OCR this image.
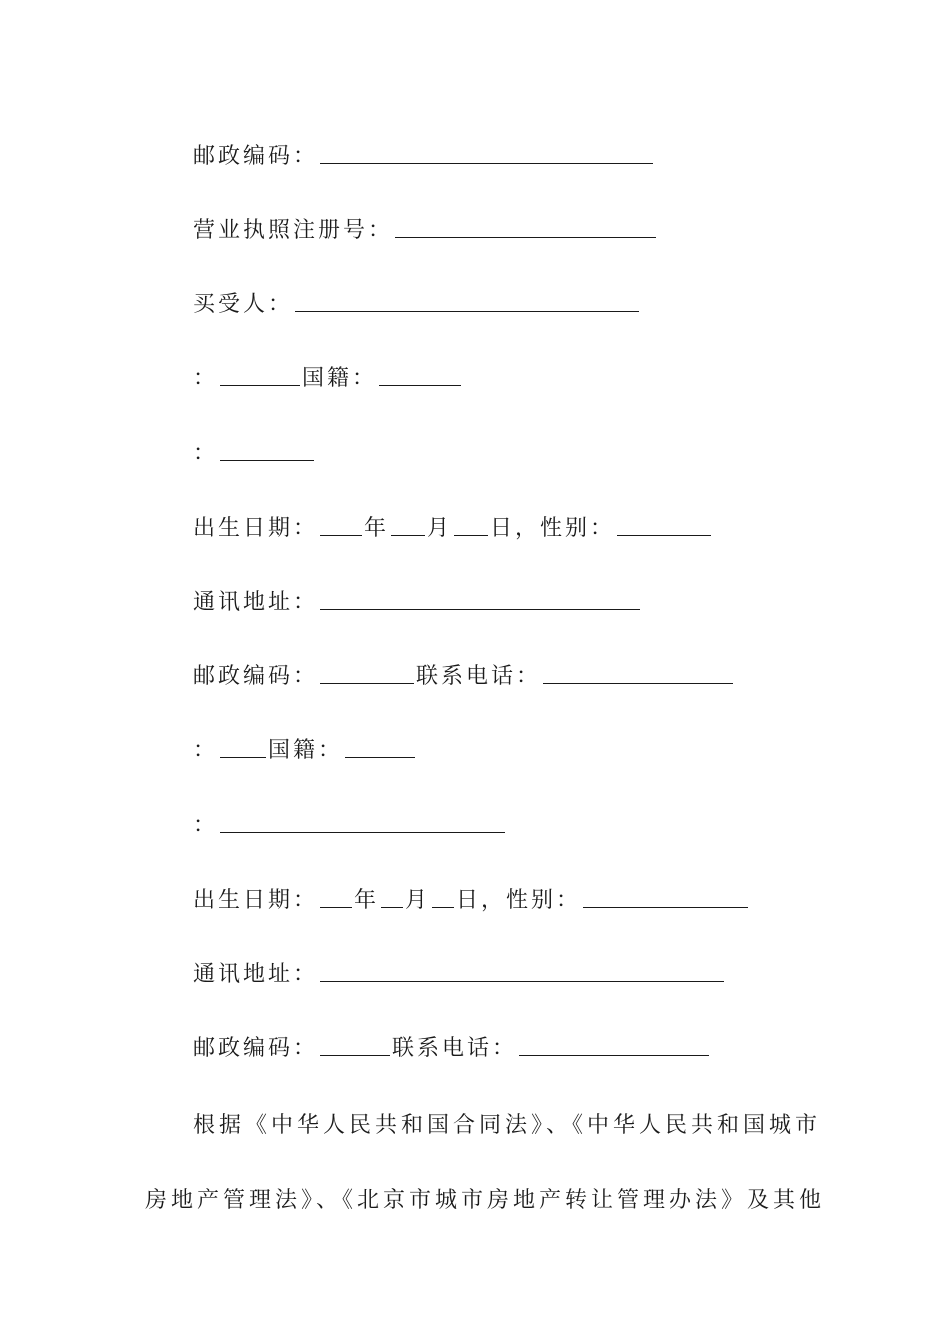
邮政编码：
营业执照注册号：
买受人：
：	国籍：
：
出生日期： 年 月 日，性别：
通讯地址：
邮政编码：	联系电话：
： 国籍：
：
出生日期： 年 月 日，性别：
通讯地址：
邮政编码：	联系电话：
根据《中华人民共和国合同法》、《中华人民共和国城市
房地产管理法》、《北京市城市房地产转让管理办法》及其他
